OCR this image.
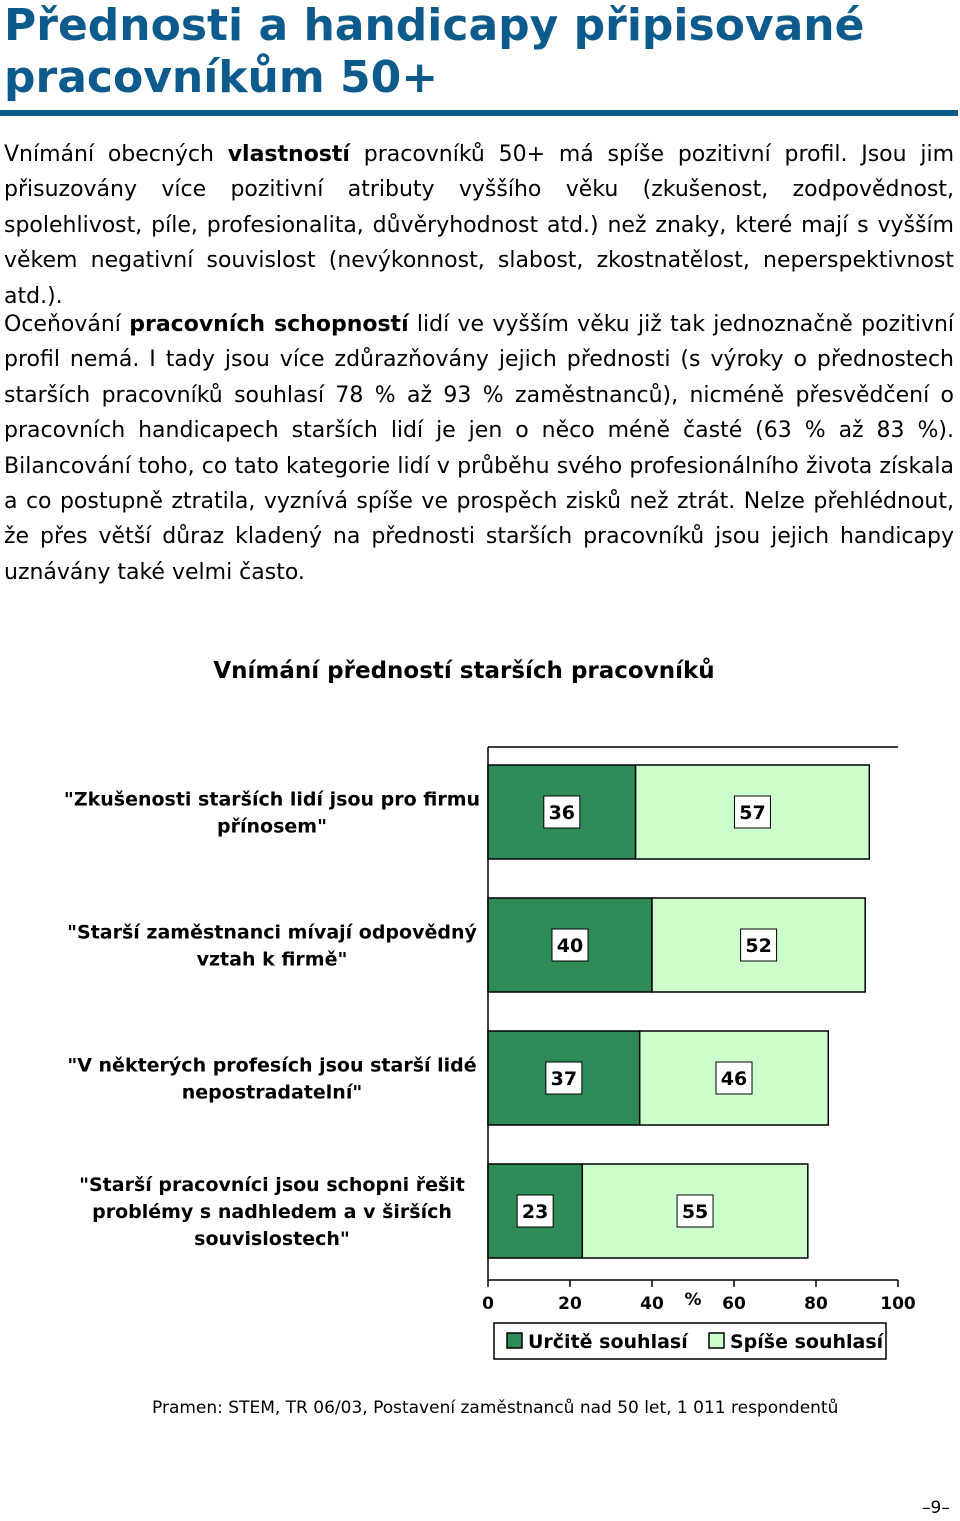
Přednosti a handicapy připisované pracovníkům 50+

Vnímání obecných vlastností pracovníků 50+ má spíše pozitivní profil. Jsou jim přisuzovány více pozitivní atributy vyššího věku (zkušenost, zodpovědnost, spolehlivost, píle, profesionalita, důvěryhodnost atd.) než znaky, které mají s vyšším věkem negativní souvislost (nevýkonnost, slabost, zkostnatělost, neperspektivnost atd.).

Oceňování pracovních schopností lidí ve vyšším věku již tak jednoznačně pozitivní profil nemá. I tady jsou více zdůrazňovány jejich přednosti (s výroky o přednostech starších pracovníků souhlasí 78 % až 93 % zaměstnanců), nicméně přesvědčení o pracovních handicapech starších lidí je jen o něco méně časté (63 % až 83 %). Bilancování toho, co tato kategorie lidí v průběhu svého profesionálního života získala a co postupně ztratila, vyznívá spíše ve prospěch zisků než ztrát. Nelze přehlédnout, že přes větší důraz kladený na přednosti starších pracovníků jsou jejich handicapy uznávány také velmi často.

Vnímání předností starších pracovníků
0	20	40	60	80	100
%
36	57
"Zkušenosti starších lidí jsou pro firmu
přínosem"
40	52
"Starší zaměstnanci mívají odpovědný
vztah k firmě"
37	46
"V některých profesích jsou starší lidé
nepostradatelní"
23	55
"Starší pracovníci jsou schopni řešit
problémy s nadhledem a v širších
souvislostech"
Určitě souhlasí Spíše souhlasí
Pramen: STEM, TR 06/03, Postavení zaměstnanců nad 50 let, 1 011 respondentů
–9–
